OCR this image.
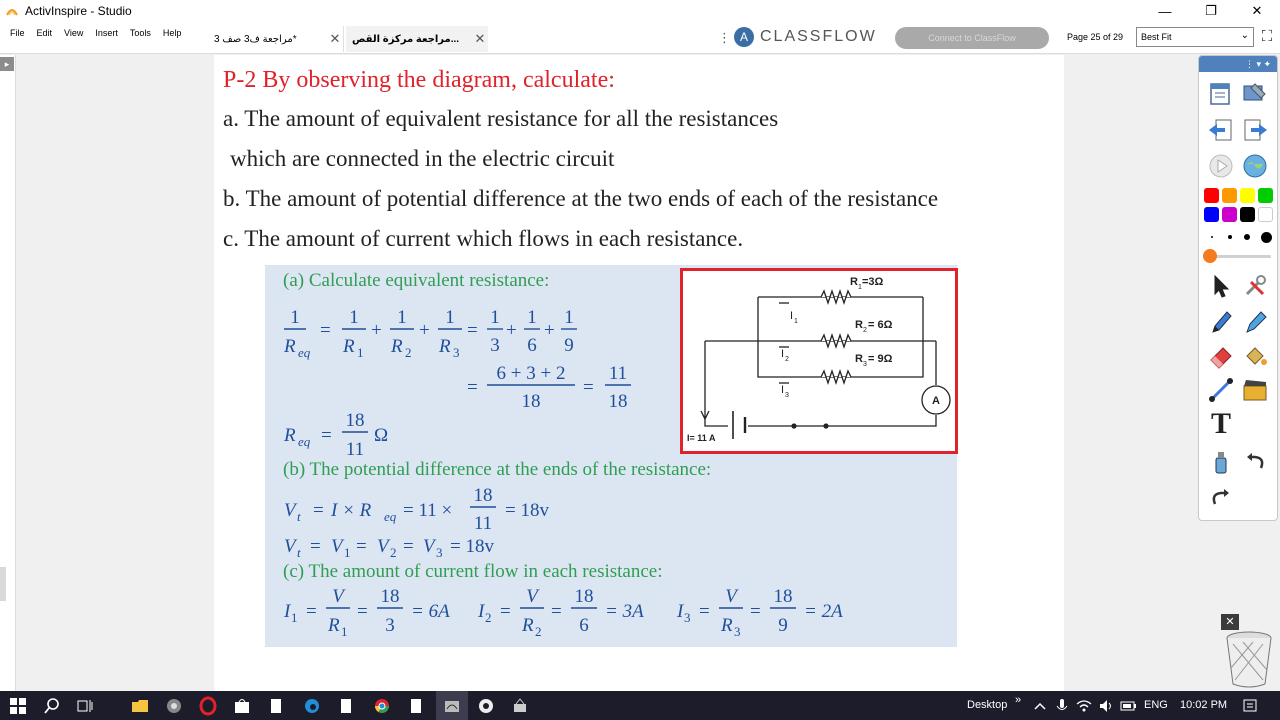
ActivInspire - Studio	—	❐	✕
File	Edit	View	Insert	Tools	Help
مراجعة ف3 صف 3*	✕	مراجعة مركزة القص...	✕	⋮ A CLASSFLOW	Connect to ClassFlow	Page 25 of 29 Best Fit	⌄ ⛶
▸
P-2 By observing the diagram, calculate:
a. The amount of equivalent resistance for all the resistances
which are connected in the electric circuit
b. The amount of potential difference at the two ends of each of the resistance
c. The amount of current which flows in each resistance.
(a) Calculate equivalent resistance:
(b) The potential difference at the ends of the resistance:
(c) The amount of current flow in each resistance:
1
R eq
=
1
R 1
+
1
R 2
+
1
R 3
=
1
3
+
1
6
+
1
9
=
6 + 3 + 2
18
=
11
18
R eq =
18
11
Ω
V t = I × R eq = 11 ×
18
11
= 18v
V t = V 1 = V 2 = V 3 = 18v
I 1 =
V
R 1
=
18
3
= 6A I 2 =
V
R 2
=
18
6
= 3A I 3 =
V
R 3
=
18
9
= 2A
R 1 =3Ω
R 2 = 6Ω
R 3 = 9Ω
I 1
I 2
I 3	A
I= 11 A
⋮ ▾ ✦
T
✕
Desktop »	ENG 10:02 PM
